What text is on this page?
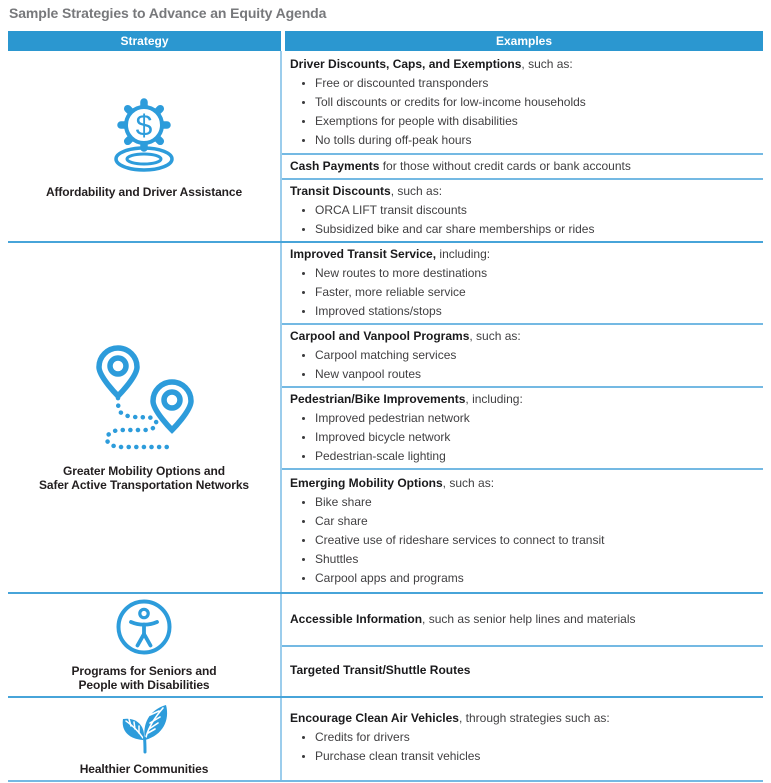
Sample Strategies to Advance an Equity Agenda
Strategy	Examples
$
Affordability and Driver Assistance

Driver Discounts, Caps, and Exemptions, such as:

• Free or discounted transponders
• Toll discounts or credits for low-income households
• Exemptions for people with disabilities
• No tolls during off-peak hours

Cash Payments for those without credit cards or bank accounts

Transit Discounts, such as:

• ORCA LIFT transit discounts
• Subsidized bike and car share memberships or rides
Greater Mobility Options and
Safer Active Transportation Networks

Improved Transit Service, including:

• New routes to more destinations
• Faster, more reliable service
• Improved stations/stops

Carpool and Vanpool Programs, such as:

• Carpool matching services
• New vanpool routes

Pedestrian/Bike Improvements, including:

• Improved pedestrian network
• Improved bicycle network
• Pedestrian-scale lighting

Emerging Mobility Options, such as:

• Bike share
• Car share
• Creative use of rideshare services to connect to transit
• Shuttles
• Carpool apps and programs
Programs for Seniors and
People with Disabilities

Accessible Information, such as senior help lines and materials

Targeted Transit/Shuttle Routes

Healthier Communities

Encourage Clean Air Vehicles, through strategies such as:

• Credits for drivers
• Purchase clean transit vehicles
